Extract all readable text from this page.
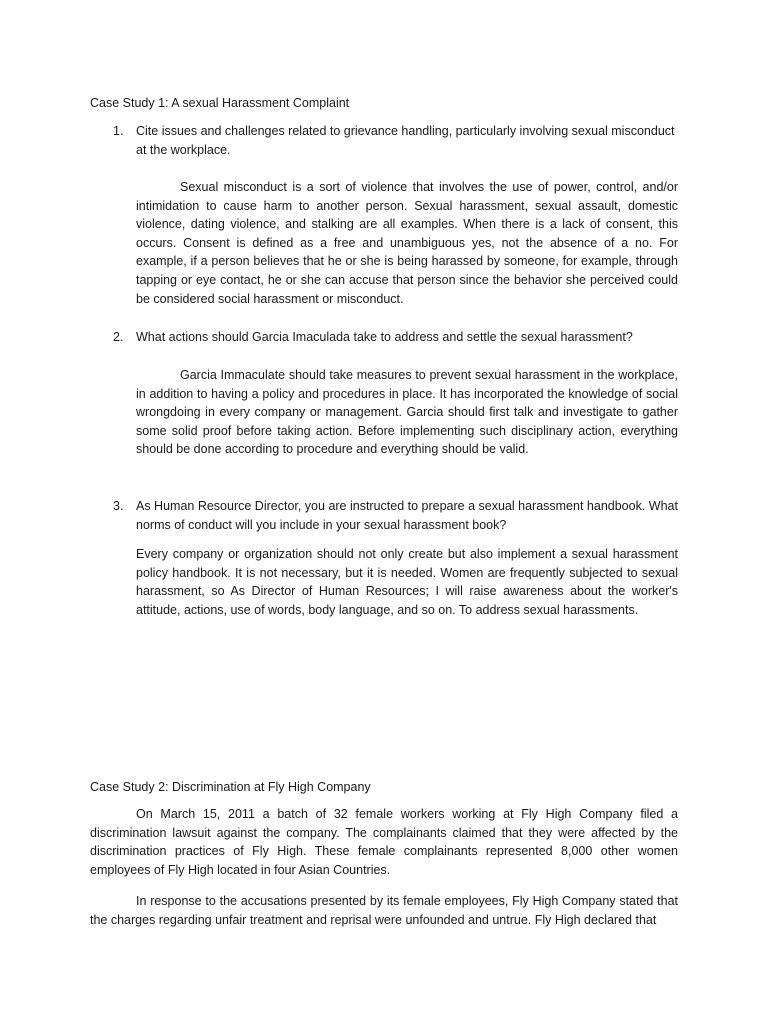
Case Study 1: A sexual Harassment Complaint
1. Cite issues and challenges related to grievance handling, particularly involving sexual misconduct at the workplace.
Sexual misconduct is a sort of violence that involves the use of power, control, and/or intimidation to cause harm to another person. Sexual harassment, sexual assault, domestic violence, dating violence, and stalking are all examples. When there is a lack of consent, this occurs. Consent is defined as a free and unambiguous yes, not the absence of a no. For example, if a person believes that he or she is being harassed by someone, for example, through tapping or eye contact, he or she can accuse that person since the behavior she perceived could be considered social harassment or misconduct.
2. What actions should Garcia Imaculada take to address and settle the sexual harassment?
Garcia Immaculate should take measures to prevent sexual harassment in the workplace, in addition to having a policy and procedures in place. It has incorporated the knowledge of social wrongdoing in every company or management. Garcia should first talk and investigate to gather some solid proof before taking action. Before implementing such disciplinary action, everything should be done according to procedure and everything should be valid.
3. As Human Resource Director, you are instructed to prepare a sexual harassment handbook. What norms of conduct will you include in your sexual harassment book?
Every company or organization should not only create but also implement a sexual harassment policy handbook. It is not necessary, but it is needed. Women are frequently subjected to sexual harassment, so As Director of Human Resources; I will raise awareness about the worker's attitude, actions, use of words, body language, and so on. To address sexual harassments.
Case Study 2: Discrimination at Fly High Company
On March 15, 2011 a batch of 32 female workers working at Fly High Company filed a discrimination lawsuit against the company. The complainants claimed that they were affected by the discrimination practices of Fly High. These female complainants represented 8,000 other women employees of Fly High located in four Asian Countries.
In response to the accusations presented by its female employees, Fly High Company stated that the charges regarding unfair treatment and reprisal were unfounded and untrue. Fly High declared that
